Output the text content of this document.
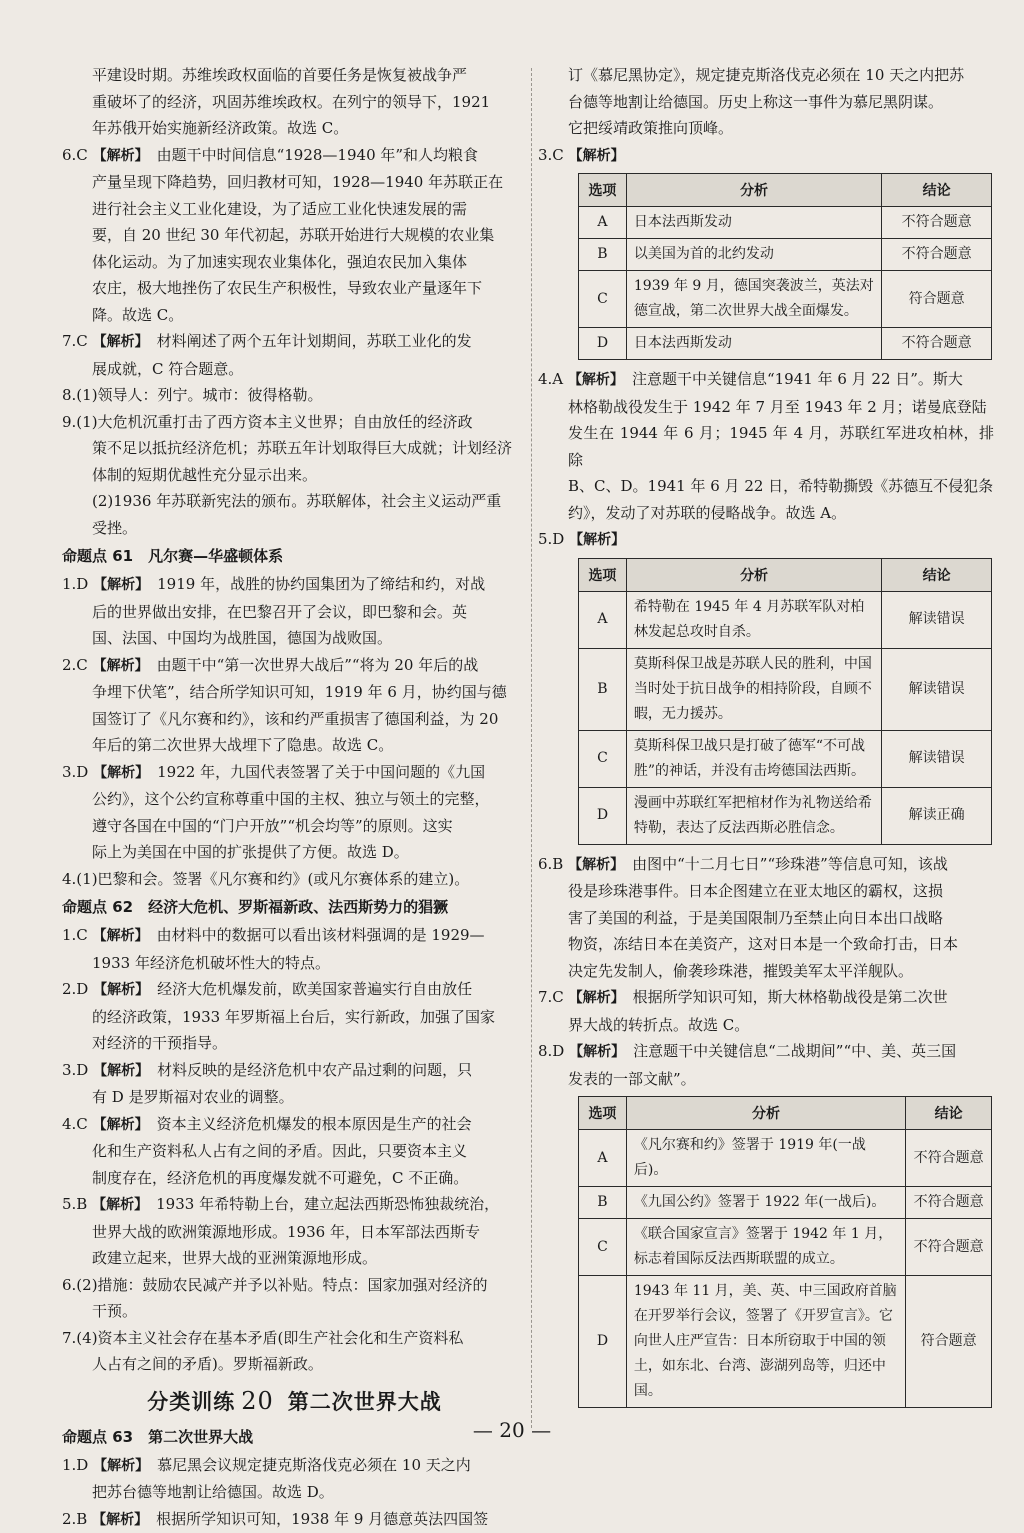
平建设时期。苏维埃政权面临的首要任务是恢复被战争严

重破坏了的经济，巩固苏维埃政权。在列宁的领导下，1921

年苏俄开始实施新经济政策。故选 C。

6.C 【解析】　 由题干中时间信息“1928—1940 年”和人均粮食

产量呈现下降趋势，回归教材可知，1928—1940 年苏联正在

进行社会主义工业化建设，为了适应工业化快速发展的需

要，自 20 世纪 30 年代初起，苏联开始进行大规模的农业集

体化运动。为了加速实现农业集体化，强迫农民加入集体

农庄，极大地挫伤了农民生产积极性，导致农业产量逐年下

降。故选 C。

7.C 【解析】　 材料阐述了两个五年计划期间，苏联工业化的发

展成就，C 符合题意。

8.(1)领导人：列宁。城市：彼得格勒。

9.(1)大危机沉重打击了西方资本主义世界；自由放任的经济政

策不足以抵抗经济危机；苏联五年计划取得巨大成就；计划经济

体制的短期优越性充分显示出来。

(2)1936 年苏联新宪法的颁布。苏联解体，社会主义运动严重

受挫。

命题点 61　凡尔赛—华盛顿体系

1.D 【解析】　 1919 年，战胜的协约国集团为了缔结和约，对战

后的世界做出安排，在巴黎召开了会议，即巴黎和会。英

国、法国、中国均为战胜国，德国为战败国。

2.C 【解析】　 由题干中“第一次世界大战后”“将为 20 年后的战

争埋下伏笔”，结合所学知识可知，1919 年 6 月，协约国与德

国签订了《凡尔赛和约》，该和约严重损害了德国利益，为 20

年后的第二次世界大战埋下了隐患。故选 C。

3.D 【解析】　 1922 年，九国代表签署了关于中国问题的《九国

公约》，这个公约宣称尊重中国的主权、独立与领土的完整，

遵守各国在中国的“门户开放”“机会均等”的原则。这实

际上为美国在中国的扩张提供了方便。故选 D。

4.(1)巴黎和会。签署《凡尔赛和约》(或凡尔赛体系的建立)。

命题点 62　经济大危机、罗斯福新政、法西斯势力的猖獗

1.C 【解析】　 由材料中的数据可以看出该材料强调的是 1929—

1933 年经济危机破坏性大的特点。

2.D 【解析】　 经济大危机爆发前，欧美国家普遍实行自由放任

的经济政策，1933 年罗斯福上台后，实行新政，加强了国家

对经济的干预指导。

3.D 【解析】　 材料反映的是经济危机中农产品过剩的问题，只

有 D 是罗斯福对农业的调整。

4.C 【解析】　 资本主义经济危机爆发的根本原因是生产的社会

化和生产资料私人占有之间的矛盾。因此，只要资本主义

制度存在，经济危机的再度爆发就不可避免，C 不正确。

5.B 【解析】　 1933 年希特勒上台，建立起法西斯恐怖独裁统治，

世界大战的欧洲策源地形成。1936 年，日本军部法西斯专

政建立起来，世界大战的亚洲策源地形成。

6.(2)措施：鼓励农民减产并予以补贴。特点：国家加强对经济的

干预。

7.(4)资本主义社会存在基本矛盾(即生产社会化和生产资料私

人占有之间的矛盾)。罗斯福新政。

分类训练 20 第二次世界大战
命题点 63　第二次世界大战

1.D 【解析】　 慕尼黑会议规定捷克斯洛伐克必须在 10 天之内

把苏台德等地割让给德国。故选 D。

2.B 【解析】　 根据所学知识可知，1938 年 9 月德意英法四国签

订《慕尼黑协定》，规定捷克斯洛伐克必须在 10 天之内把苏

台德等地割让给德国。历史上称这一事件为慕尼黑阴谋。

它把绥靖政策推向顶峰。

3.C 【解析】

选项	分析	结论
A	日本法西斯发动	不符合题意
B	以美国为首的北约发动	不符合题意
C	1939 年 9 月，德国突袭波兰，英法对德宣战，第二次世界大战全面爆发。	符合题意
D	日本法西斯发动	不符合题意

4.A 【解析】　 注意题干中关键信息“1941 年 6 月 22 日”。斯大

林格勒战役发生于 1942 年 7 月至 1943 年 2 月；诺曼底登陆

发生在 1944 年 6 月；1945 年 4 月，苏联红军进攻柏林，排除

B、C、D。1941 年 6 月 22 日，希特勒撕毁《苏德互不侵犯条

约》，发动了对苏联的侵略战争。故选 A。

5.D 【解析】

选项	分析	结论
A	希特勒在 1945 年 4 月苏联军队对柏林发起总攻时自杀。	解读错误
B	莫斯科保卫战是苏联人民的胜利，中国当时处于抗日战争的相持阶段，自顾不暇，无力援苏。	解读错误
C	莫斯科保卫战只是打破了德军“不可战胜”的神话，并没有击垮德国法西斯。	解读错误
D	漫画中苏联红军把棺材作为礼物送给希特勒，表达了反法西斯必胜信念。	解读正确

6.B 【解析】　 由图中“十二月七日”“珍珠港”等信息可知，该战

役是珍珠港事件。日本企图建立在亚太地区的霸权，这损

害了美国的利益，于是美国限制乃至禁止向日本出口战略

物资，冻结日本在美资产，这对日本是一个致命打击，日本

决定先发制人，偷袭珍珠港，摧毁美军太平洋舰队。

7.C 【解析】　 根据所学知识可知，斯大林格勒战役是第二次世

界大战的转折点。故选 C。

8.D 【解析】　 注意题干中关键信息“二战期间”“中、美、英三国

发表的一部文献”。

选项	分析	结论
A	《凡尔赛和约》签署于 1919 年(一战后)。	不符合题意
B	《九国公约》签署于 1922 年(一战后)。	不符合题意
C	《联合国家宣言》签署于 1942 年 1 月，标志着国际反法西斯联盟的成立。	不符合题意
D	1943 年 11 月，美、英、中三国政府首脑在开罗举行会议，签署了《开罗宣言》。它向世人庄严宣告：日本所窃取于中国的领土，如东北、台湾、澎湖列岛等，归还中国。	符合题意
— 20 —
